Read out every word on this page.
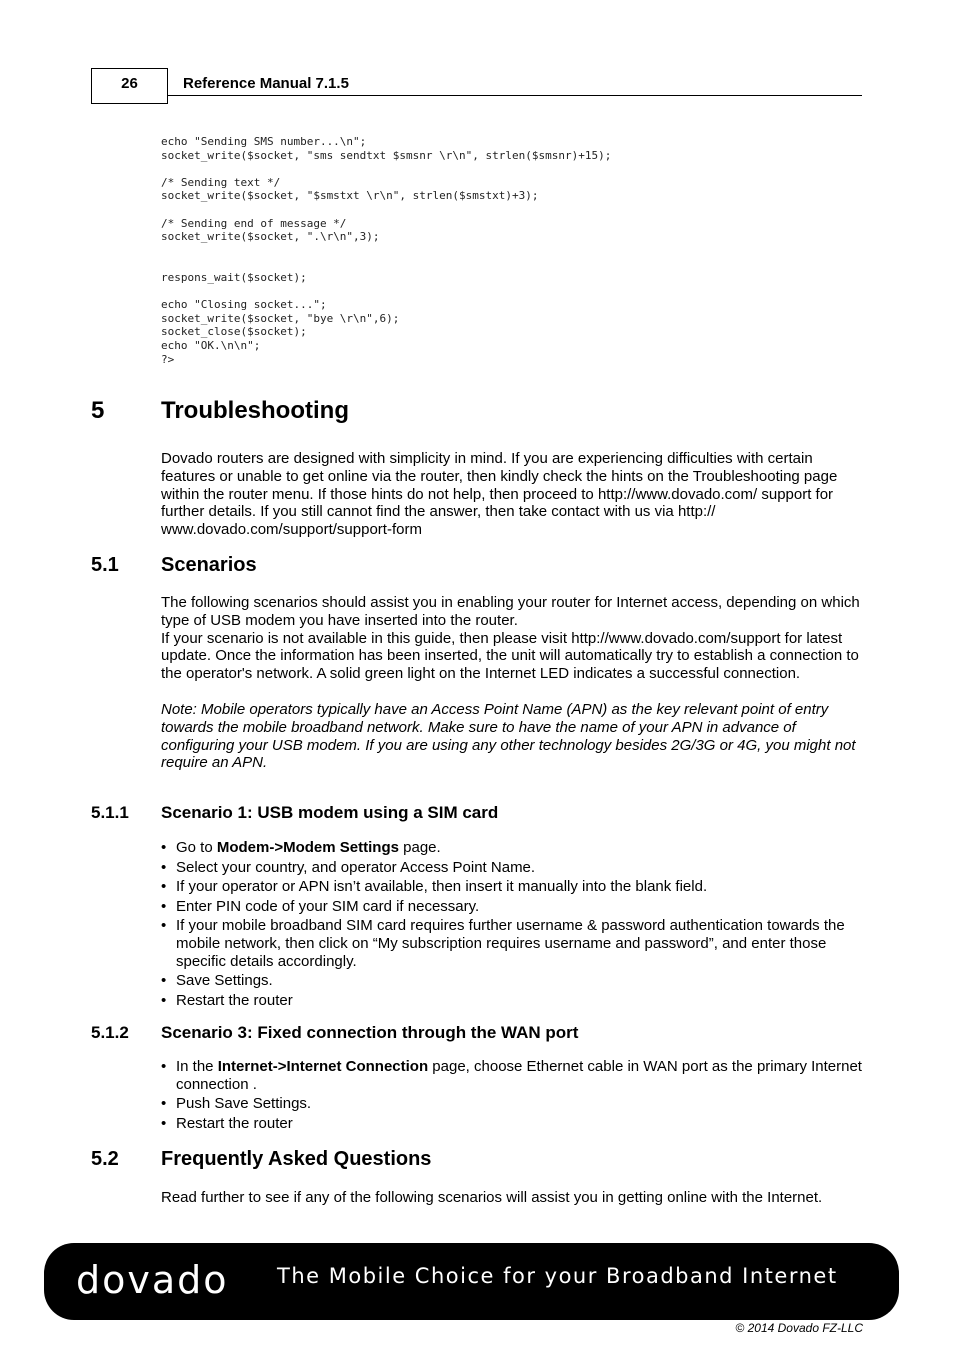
26	Reference Manual 7.1.5
echo "Sending SMS number...\n";
socket_write($socket, "sms sendtxt $smsnr \r\n", strlen($smsnr)+15);

/* Sending text */
socket_write($socket, "$smstxt \r\n", strlen($smstxt)+3);

/* Sending end of message */
socket_write($socket, ".\r\n",3);

respons_wait($socket);

echo "Closing socket...";
socket_write($socket, "bye \r\n",6);
socket_close($socket);
echo "OK.\n\n";
?>
5 Troubleshooting

Dovado routers are designed with simplicity in mind. If you are experiencing difficulties with certain features or unable to get online via the router, then kindly check the hints on the Troubleshooting page within the router menu. If those hints do not help, then proceed to http://www.dovado.com/ support for further details. If you still cannot find the answer, then take contact with us via http:// www.dovado.com/support/support-form

5.1 Scenarios

The following scenarios should assist you in enabling your router for Internet access, depending on which type of USB modem you have inserted into the router.

If your scenario is not available in this guide, then please visit http://www.dovado.com/support for latest update. Once the information has been inserted, the unit will automatically try to establish a connection to the operator's network. A solid green light on the Internet LED indicates a successful connection.

Note: Mobile operators typically have an Access Point Name (APN) as the key relevant point of entry towards the mobile broadband network. Make sure to have the name of your APN in advance of configuring your USB modem. If you are using any other technology besides 2G/3G or 4G, you might not require an APN.

5.1.1 Scenario 1: USB modem using a SIM card
• Go to Modem->Modem Settings page.
• Select your country, and operator Access Point Name.
• If your operator or APN isn’t available, then insert it manually into the blank field.
• Enter PIN code of your SIM card if necessary.
• If your mobile broadband SIM card requires further username & password authentication towards the mobile network, then click on “My subscription requires username and password”, and enter those specific details accordingly.
• Save Settings.
• Restart the router
5.1.2 Scenario 3: Fixed connection through the WAN port
• In the Internet->Internet Connection page, choose Ethernet cable in WAN port as the primary Internet connection .
• Push Save Settings.
• Restart the router
5.2 Frequently Asked Questions

Read further to see if any of the following scenarios will assist you in getting online with the Internet.

dovado The Mobile Choice for your Broadband Internet
© 2014 Dovado FZ-LLC
